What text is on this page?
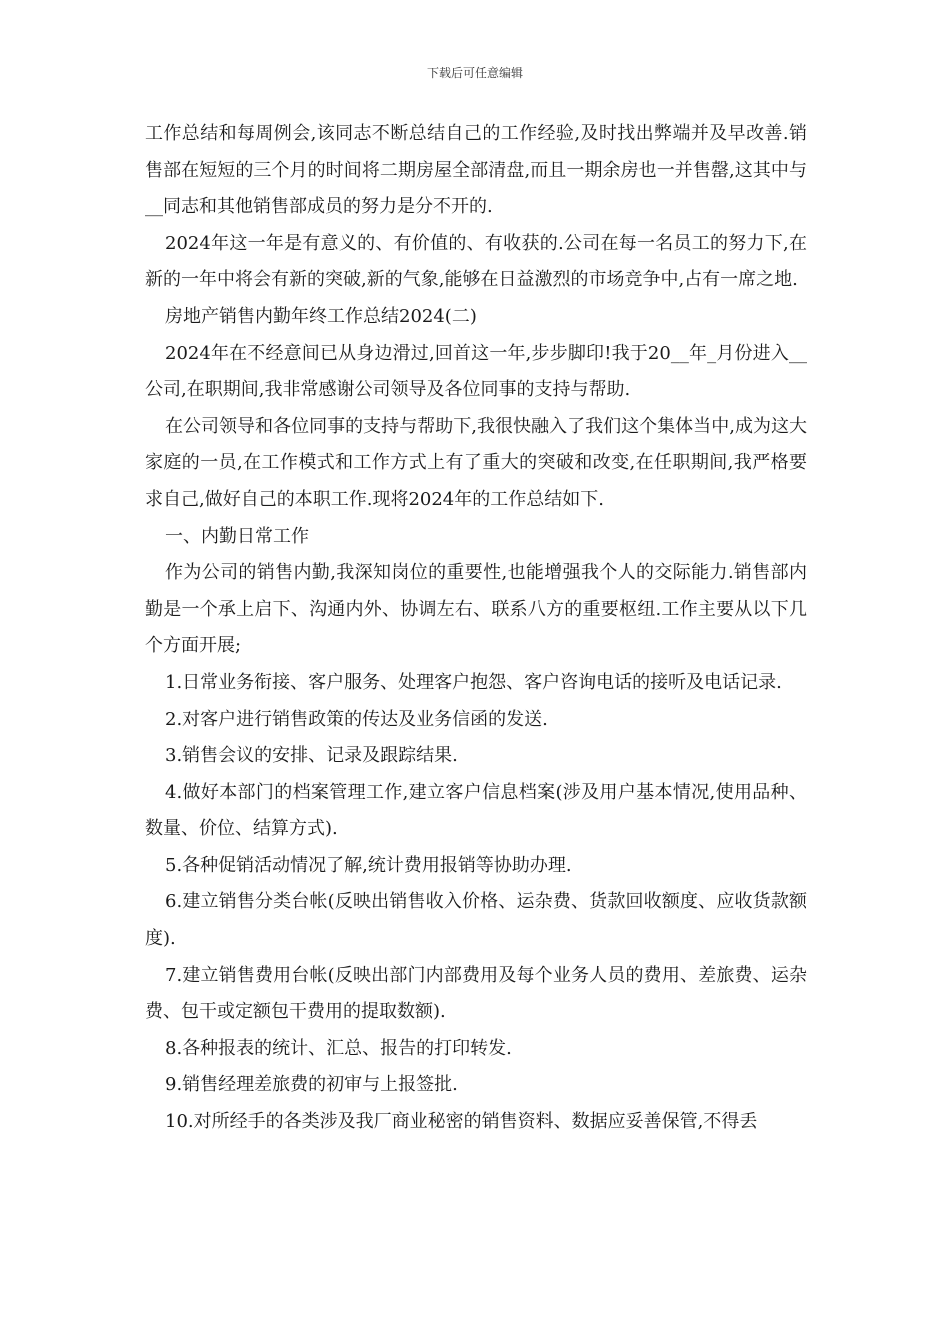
下载后可任意编辑

工作总结和每周例会,该同志不断总结自己的工作经验,及时找出弊端并及早改善.销售部在短短的三个月的时间将二期房屋全部清盘,而且一期余房也一并售罄,这其中与__同志和其他销售部成员的努力是分不开的.

2024年这一年是有意义的、有价值的、有收获的.公司在每一名员工的努力下,在新的一年中将会有新的突破,新的气象,能够在日益激烈的市场竞争中,占有一席之地.

房地产销售内勤年终工作总结2024(二)

2024年在不经意间已从身边滑过,回首这一年,步步脚印!我于20__年_月份进入__公司,在职期间,我非常感谢公司领导及各位同事的支持与帮助.

在公司领导和各位同事的支持与帮助下,我很快融入了我们这个集体当中,成为这大家庭的一员,在工作模式和工作方式上有了重大的突破和改变,在任职期间,我严格要求自己,做好自己的本职工作.现将2024年的工作总结如下.

一、内勤日常工作

作为公司的销售内勤,我深知岗位的重要性,也能增强我个人的交际能力.销售部内勤是一个承上启下、沟通内外、协调左右、联系八方的重要枢纽.工作主要从以下几个方面开展;

1.日常业务衔接、客户服务、处理客户抱怨、客户咨询电话的接听及电话记录.

2.对客户进行销售政策的传达及业务信函的发送.

3.销售会议的安排、记录及跟踪结果.

4.做好本部门的档案管理工作,建立客户信息档案(涉及用户基本情况,使用品种、数量、价位、结算方式).

5.各种促销活动情况了解,统计费用报销等协助办理.

6.建立销售分类台帐(反映出销售收入价格、运杂费、货款回收额度、应收货款额度).

7.建立销售费用台帐(反映出部门内部费用及每个业务人员的费用、差旅费、运杂费、包干或定额包干费用的提取数额).

8.各种报表的统计、汇总、报告的打印转发.

9.销售经理差旅费的初审与上报签批.

10.对所经手的各类涉及我厂商业秘密的销售资料、数据应妥善保管,不得丢
